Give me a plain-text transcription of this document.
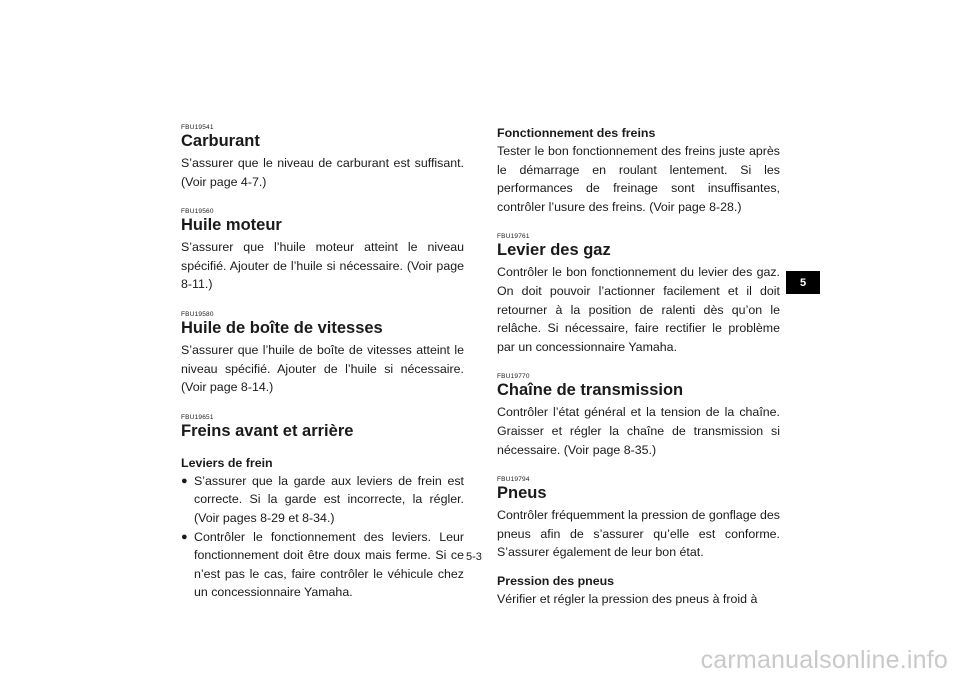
FBU19541
Carburant

S’assurer que le niveau de carburant est suffisant. (Voir page 4-7.)

FBU19560
Huile moteur

S’assurer que l’huile moteur atteint le niveau spécifié. Ajouter de l’huile si nécessaire. (Voir page 8-11.)

FBU19580
Huile de boîte de vitesses

S’assurer que l’huile de boîte de vitesses atteint le niveau spécifié. Ajouter de l’huile si nécessaire. (Voir page 8-14.)

FBU19651
Freins avant et arrière
Leviers de frein
● S’assurer que la garde aux leviers de frein est correcte. Si la garde est incorrecte, la régler. (Voir pages 8-29 et 8-34.)
● Contrôler le fonctionnement des leviers. Leur fonctionnement doit être doux mais ferme. Si ce n’est pas le cas, faire contrôler le véhicule chez un concessionnaire Yamaha.
Fonctionnement des freins

Tester le bon fonctionnement des freins juste après le démarrage en roulant lentement. Si les performances de freinage sont insuffisantes, contrôler l’usure des freins. (Voir page 8-28.)

FBU19761
Levier des gaz

Contrôler le bon fonctionnement du levier des gaz. On doit pouvoir l’actionner facilement et il doit retourner à la position de ralenti dès qu’on le relâche. Si nécessaire, faire rectifier le problème par un concessionnaire Yamaha.

FBU19770
Chaîne de transmission

Contrôler l’état général et la tension de la chaîne. Graisser et régler la chaîne de transmission si nécessaire. (Voir page 8-35.)

FBU19794
Pneus

Contrôler fréquemment la pression de gonflage des pneus afin de s’assurer qu’elle est conforme. S’assurer également de leur bon état.

Pression des pneus

Vérifier et régler la pression des pneus à froid à

5
5-3
carmanualsonline.info
